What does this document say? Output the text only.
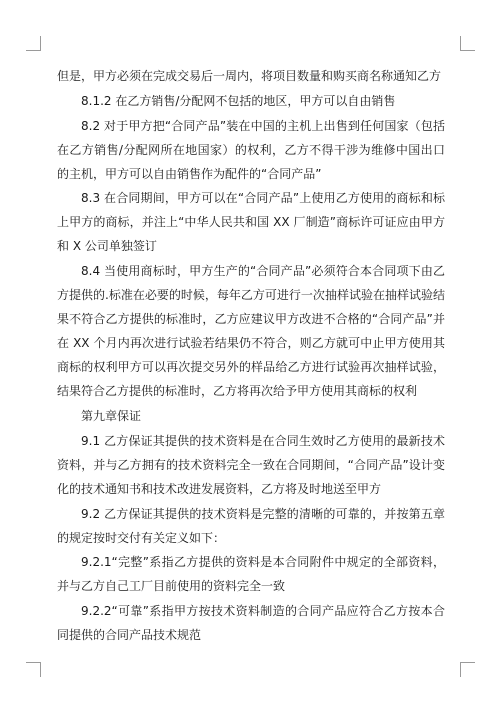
但是，甲方必须在完成交易后一周内，将项目数量和购买商名称通知乙方

8.1.2 在乙方销售/分配网不包括的地区，甲方可以自由销售

8.2 对于甲方把“合同产品”装在中国的主机上出售到任何国家（包括在乙方销售/分配网所在地国家）的权利，乙方不得干涉为维修中国出口的主机，甲方可以自由销售作为配件的“合同产品”

8.3 在合同期间，甲方可以在“合同产品”上使用乙方使用的商标和标上甲方的商标，并注上“中华人民共和国 XX 厂制造”商标许可证应由甲方和 X 公司单独签订

8.4 当使用商标时，甲方生产的“合同产品”必须符合本合同项下由乙方提供的.标准在必要的时候，每年乙方可进行一次抽样试验在抽样试验结果不符合乙方提供的标准时，乙方应建议甲方改进不合格的“合同产品”并在 XX 个月内再次进行试验若结果仍不符合，则乙方就可中止甲方使用其商标的权利甲方可以再次提交另外的样品给乙方进行试验再次抽样试验，结果符合乙方提供的标准时，乙方将再次给予甲方使用其商标的权利

第九章保证

9.1 乙方保证其提供的技术资料是在合同生效时乙方使用的最新技术资料，并与乙方拥有的技术资料完全一致在合同期间，“合同产品”设计变化的技术通知书和技术改进发展资料，乙方将及时地送至甲方

9.2 乙方保证其提供的技术资料是完整的清晰的可靠的，并按第五章的规定按时交付有关定义如下：

9.2.1“完整”系指乙方提供的资料是本合同附件中规定的全部资料，并与乙方自己工厂目前使用的资料完全一致

9.2.2“可靠”系指甲方按技术资料制造的合同产品应符合乙方按本合同提供的合同产品技术规范
